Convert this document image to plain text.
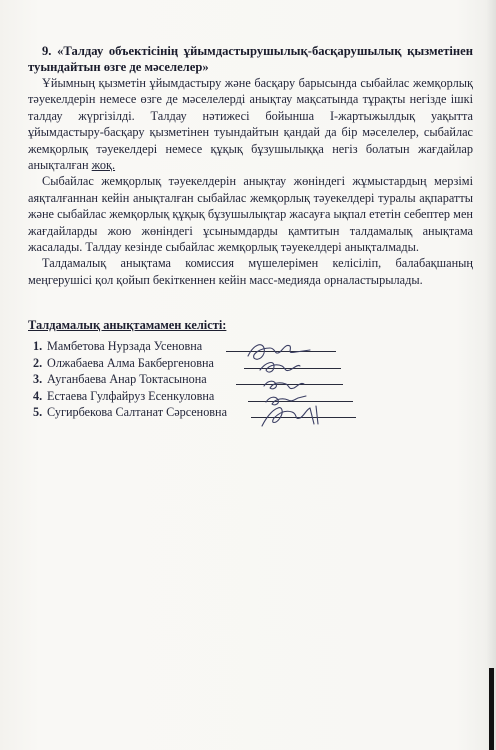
9. «Талдау объектісінің ұйымдастырушылық-басқарушылық қызметінен туындайтын өзге де мәселелер»

Ұйымның қызметін ұйымдастыру және басқару барысында сыбайлас жемқорлық тәуекелдерін немесе өзге де мәселелерді анықтау мақсатында тұрақты негізде ішкі талдау жүргізілді. Талдау нәтижесі бойынша I-жартыжылдық уақытта ұйымдастыру-басқару қызметінен туындайтын қандай да бір мәселелер, сыбайлас жемқорлық тәуекелдері немесе құқық бұзушылыққа негіз болатын жағдайлар анықталған жоқ.

Сыбайлас жемқорлық тәуекелдерін анықтау жөніндегі жұмыстардың мерзімі аяқталғаннан кейін анықталған сыбайлас жемқорлық тәуекелдері туралы ақпаратты және сыбайлас жемқорлық құқық бұзушылықтар жасауға ықпал ететін себептер мен жағдайларды жою жөніндегі ұсынымдарды қамтитын талдамалық анықтама жасалады. Талдау кезінде сыбайлас жемқорлық тәуекелдері анықталмады.

Талдамалық анықтама комиссия мүшелерімен келісіліп, балабақшаның меңгерушісі қол қойып бекіткеннен кейін масс-медияда орналастырылады.

Талдамалық анықтамамен келісті:
1. Мамбетова Нурзада Усеновна
2. Олжабаева Алма Бакбергеновна
3. Ауганбаева Анар Токтасынона
4. Естаева Гулфайруз Есенкуловна
5. Сугирбекова Салтанат Сәрсеновна
